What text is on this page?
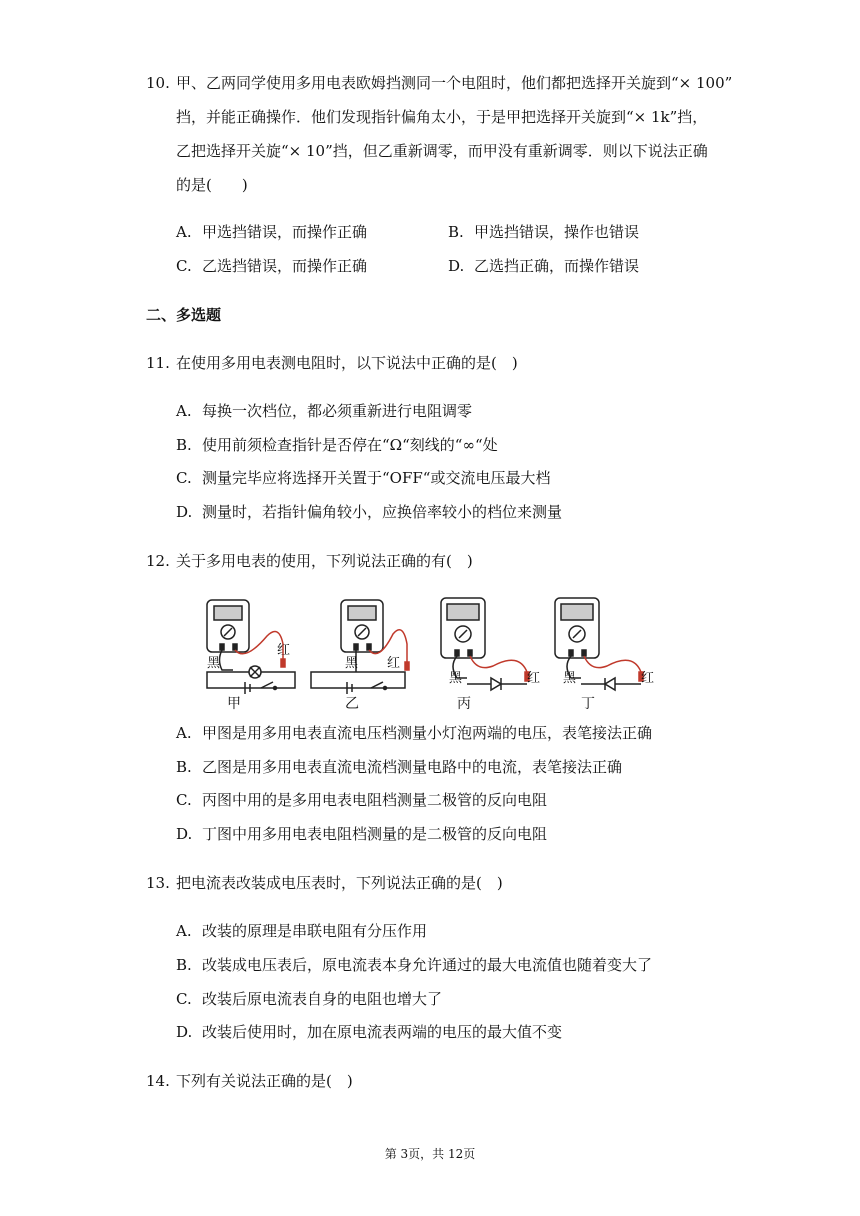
10. 甲、乙两同学使用多用电表欧姆挡测同一个电阻时，他们都把选择开关旋到“× 100”
挡，并能正确操作．他们发现指针偏角太小，于是甲把选择开关旋到“× 1k”挡，
乙把选择开关旋“× 10”挡，但乙重新调零，而甲没有重新调零．则以下说法正确
的是(　　)
A. 甲选挡错误，而操作正确	B. 甲选挡错误，操作也错误
C. 乙选挡错误，而操作正确	D. 乙选挡正确，而操作错误
二、多选题
11. 在使用多用电表测电阻时，以下说法中正确的是(　)
A. 每换一次档位，都必须重新进行电阻调零
B. 使用前须检查指针是否停在“Ω“刻线的“∞“处
C. 测量完毕应将选择开关置于“OFF“或交流电压最大档
D. 测量时，若指针偏角较小，应换倍率较小的档位来测量
12. 关于多用电表的使用，下列说法正确的有(　)
黑
红
甲
黑 红
乙
黑	红
丙
黑	红
丁
A. 甲图是用多用电表直流电压档测量小灯泡两端的电压，表笔接法正确
B. 乙图是用多用电表直流电流档测量电路中的电流，表笔接法正确
C. 丙图中用的是多用电表电阻档测量二极管的反向电阻
D. 丁图中用多用电表电阻档测量的是二极管的反向电阻
13. 把电流表改装成电压表时，下列说法正确的是(　)
A. 改装的原理是串联电阻有分压作用
B. 改装成电压表后，原电流表本身允许通过的最大电流值也随着变大了
C. 改装后原电流表自身的电阻也增大了
D. 改装后使用时，加在原电流表两端的电压的最大值不变
14. 下列有关说法正确的是(　)
第 3页，共 12页
